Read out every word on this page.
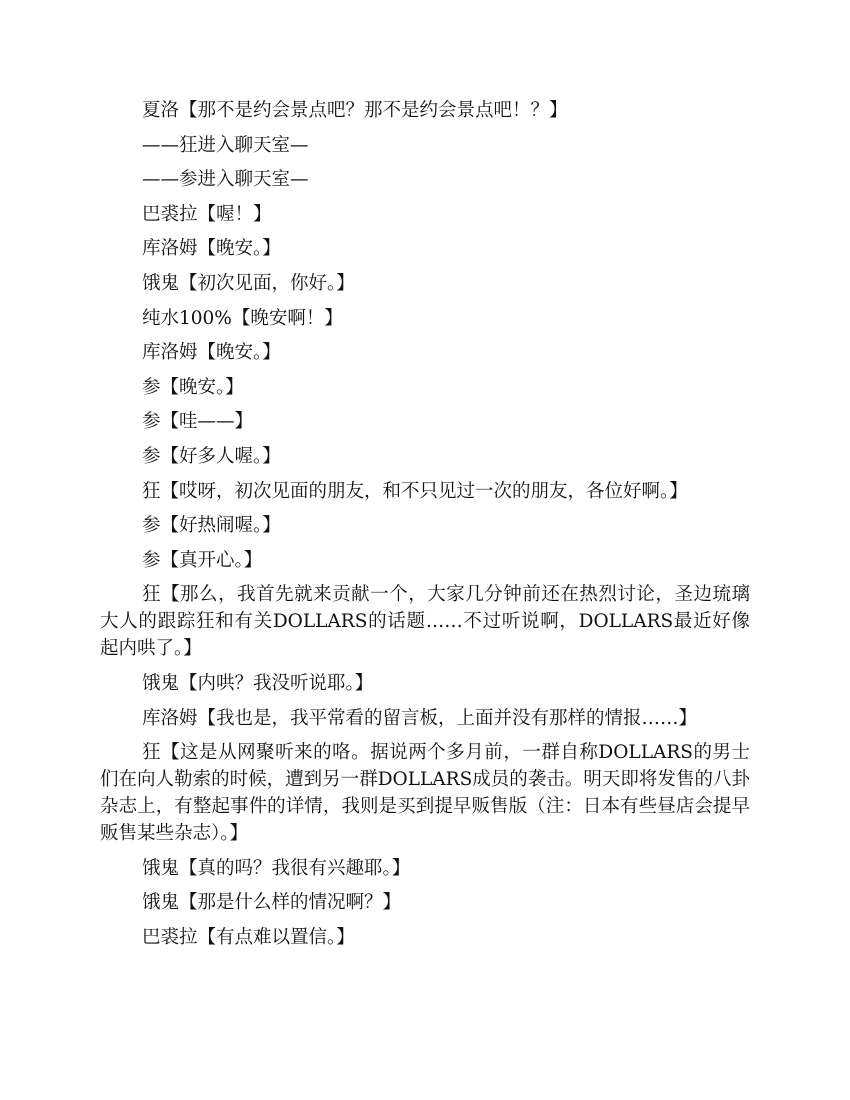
夏洛【那不是约会景点吧？那不是约会景点吧！？】

——狂进入聊天室—

——参进入聊天室—

巴裘拉【喔！】

库洛姆【晚安。】

饿鬼【初次见面，你好。】

纯水100%【晚安啊！】

库洛姆【晚安。】

参【晚安。】

参【哇——】

参【好多人喔。】

狂【哎呀，初次见面的朋友，和不只见过一次的朋友，各位好啊。】

参【好热闹喔。】

参【真开心。】

狂【那么，我首先就来贡献一个，大家几分钟前还在热烈讨论，圣边琉璃大人的跟踪狂和有关DOLLARS的话题……不过听说啊，DOLLARS最近好像起内哄了。】

饿鬼【内哄？我没听说耶。】

库洛姆【我也是，我平常看的留言板，上面并没有那样的情报……】

狂【这是从网聚听来的咯。据说两个多月前，一群自称DOLLARS的男士们在向人勒索的时候，遭到另一群DOLLARS成员的袭击。明天即将发售的八卦杂志上，有整起事件的详情，我则是买到提早贩售版（注：日本有些昼店会提早贩售某些杂志）。】

饿鬼【真的吗？我很有兴趣耶。】

饿鬼【那是什么样的情况啊？】

巴裘拉【有点难以置信。】
